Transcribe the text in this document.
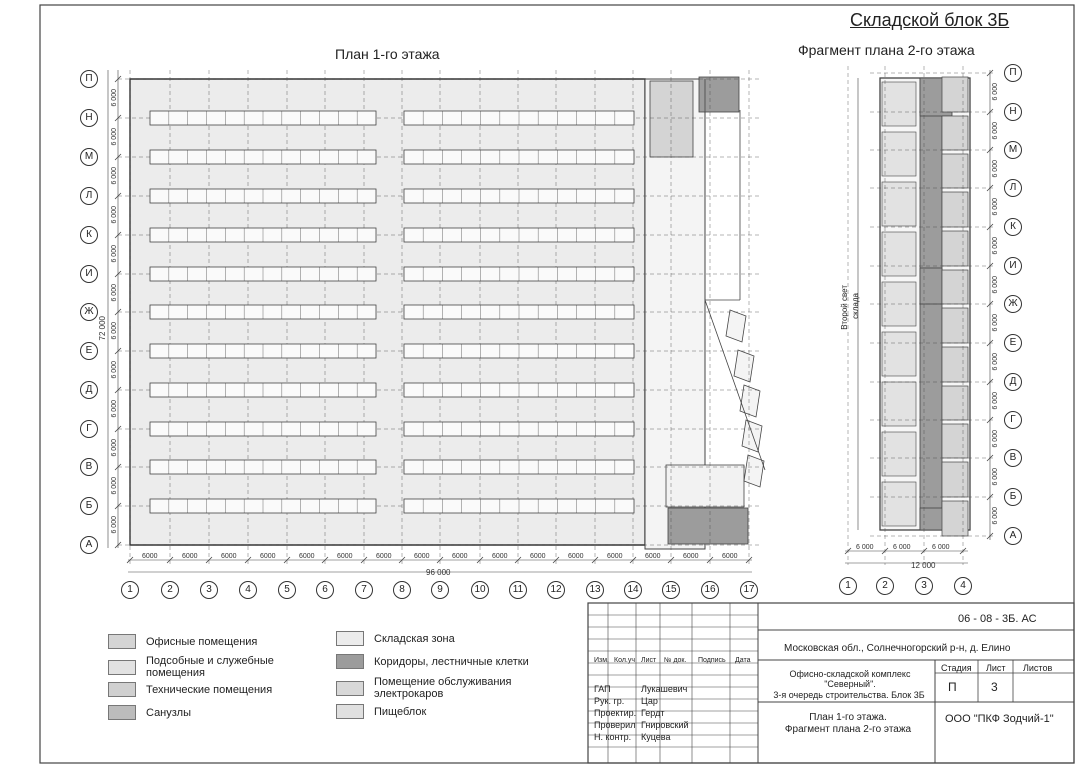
Складской блок 3Б
План 1-го этажа	Фрагмент плана 2-го этажа
П
Н
М
Л
К
И
Ж
Е
Д
Г
В
Б
А
1	2	3	4	5	6	7	8	9	10	11	12	13	14	15	16	17
6 000
6 000
6 000
6 000
6 000
6 000
6 000
6 000
6 000
6 000
6 000
6 000
6000	6000	6000	6000	6000	6000	6000	6000	6000	6000	6000	6000	6000	6000	6000	6000
П
Н
М
Л
К
И
Ж
Е
Д
Г
В
Б
А
1	2	3	4
6 000
6 000
6 000
6 000
6 000
6 000
6 000
6 000
6 000
6 000
6 000
6 000
6 000	6 000	6 000
72 000
96 000
12 000
Второй свет склада
Офисные помещения
Подсобные и служебные помещения
Технические помещения
Санузлы
Складская зона
Коридоры, лестничные клетки
Помещение обслуживания электрокаров
Пищеблок
06 - 08 - 3Б. АС
Московская обл., Солнечногорский р-н, д. Елино
Офисно-складской комплекс
"Северный".
3-я очередь строительства. Блок 3Б
План 1-го этажа.
Фрагмент плана 2-го этажа
ООО "ПКФ Зодчий-1"
Изм. Кол.уч Лист № док. Подпись Дата
ГАП	Лукашевич
Рук. гр. Цар
Проектир. Гердт
Проверил Гнировский
Н. контр. Куцева
Стадия Лист Листов
П	3
